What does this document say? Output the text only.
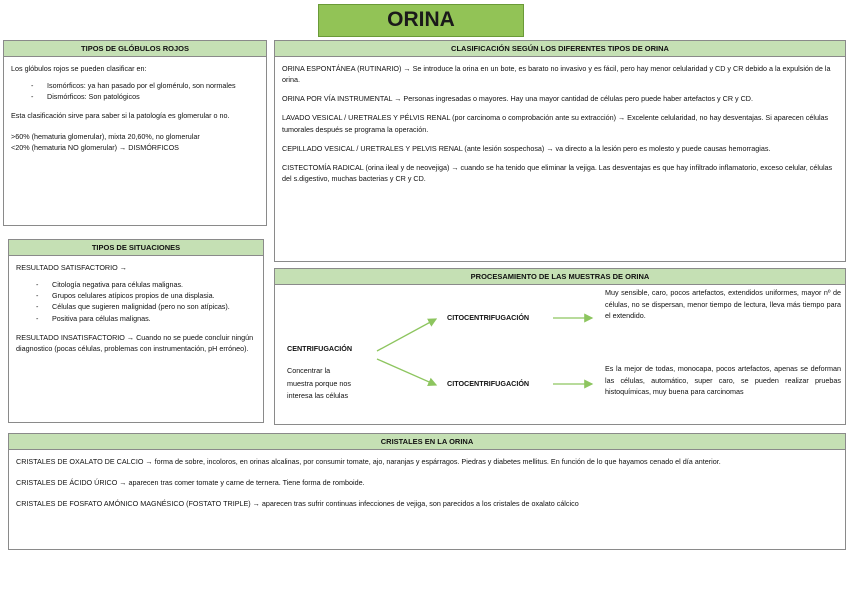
ORINA
TIPOS DE GLÓBULOS ROJOS

Los glóbulos rojos se pueden clasificar en:

- Isomórficos: ya han pasado por el glomérulo, son normales
- Dismórficos: Son patológicos

Esta clasificación sirve para saber si la patología es glomerular o no.

>60% (hematuria glomerular), mixta 20,60%, no glomerular
<20% (hematuria NO glomerular) → DISMÓRFICOS
TIPOS DE SITUACIONES

RESULTADO SATISFACTORIO →

- Citología negativa para células malignas.
- Grupos celulares atípicos propios de una displasia.
- Células que sugieren malignidad (pero no son atípicas).
- Positiva para células malignas.

RESULTADO INSATISFACTORIO → Cuando no se puede concluir ningún diagnostico (pocas células, problemas con instrumentación, pH erróneo).

CLASIFICACIÓN SEGÚN LOS DIFERENTES TIPOS DE ORINA

ORINA ESPONTÁNEA (RUTINARIO) → Se introduce la orina en un bote, es barato no invasivo y es fácil, pero hay menor celularidad y CD y CR debido a la expulsión de la orina.

ORINA POR VÍA INSTRUMENTAL → Personas ingresadas o mayores. Hay una mayor cantidad de células pero puede haber artefactos y CR y CD.

LAVADO VESICAL / URETRALES Y PÉLVIS RENAL (por carcinoma o comprobación ante su extracción) → Excelente celularidad, no hay desventajas. Si aparecen células tumorales después se programa la operación.

CEPILLADO VESICAL / URETRALES Y PELVIS RENAL (ante lesión sospechosa) → va directo a la lesión pero es molesto y puede causas hemorragias.

CISTECTOMÍA RADICAL (orina ileal y de neovejiga) → cuando se ha tenido que eliminar la vejiga. Las desventajas es que hay infiltrado inflamatorio, exceso celular, células del s.digestivo, muchas bacterias y CR y CD.

PROCESAMIENTO DE LAS MUESTRAS DE ORINA
CENTRIFUGACIÓN
Concentrar la muestra porque nos interesa las células
CITOCENTRIFUGACIÓN
CITOCENTRIFUGACIÓN
Muy sensible, caro, pocos artefactos, extendidos uniformes, mayor nº de células, no se dispersan, menor tiempo de lectura, lleva más tiempo para el extendido.
Es la mejor de todas, monocapa, pocos artefactos, apenas se deforman las células, automático, super caro, se pueden realizar pruebas histoquímicas, muy buena para carcinomas
CRISTALES EN LA ORINA

CRISTALES DE OXALATO DE CALCIO → forma de sobre, incoloros, en orinas alcalinas, por consumir tomate, ajo, naranjas y espárragos. Piedras y diabetes mellitus. En función de lo que hayamos cenado el día anterior.

CRISTALES DE ÁCIDO ÚRICO → aparecen tras comer tomate y carne de ternera. Tiene forma de romboide.

CRISTALES DE FOSFATO AMÓNICO MAGNÉSICO (FOSTATO TRIPLE) → aparecen tras sufrir continuas infecciones de vejiga, son parecidos a los cristales de oxalato cálcico
